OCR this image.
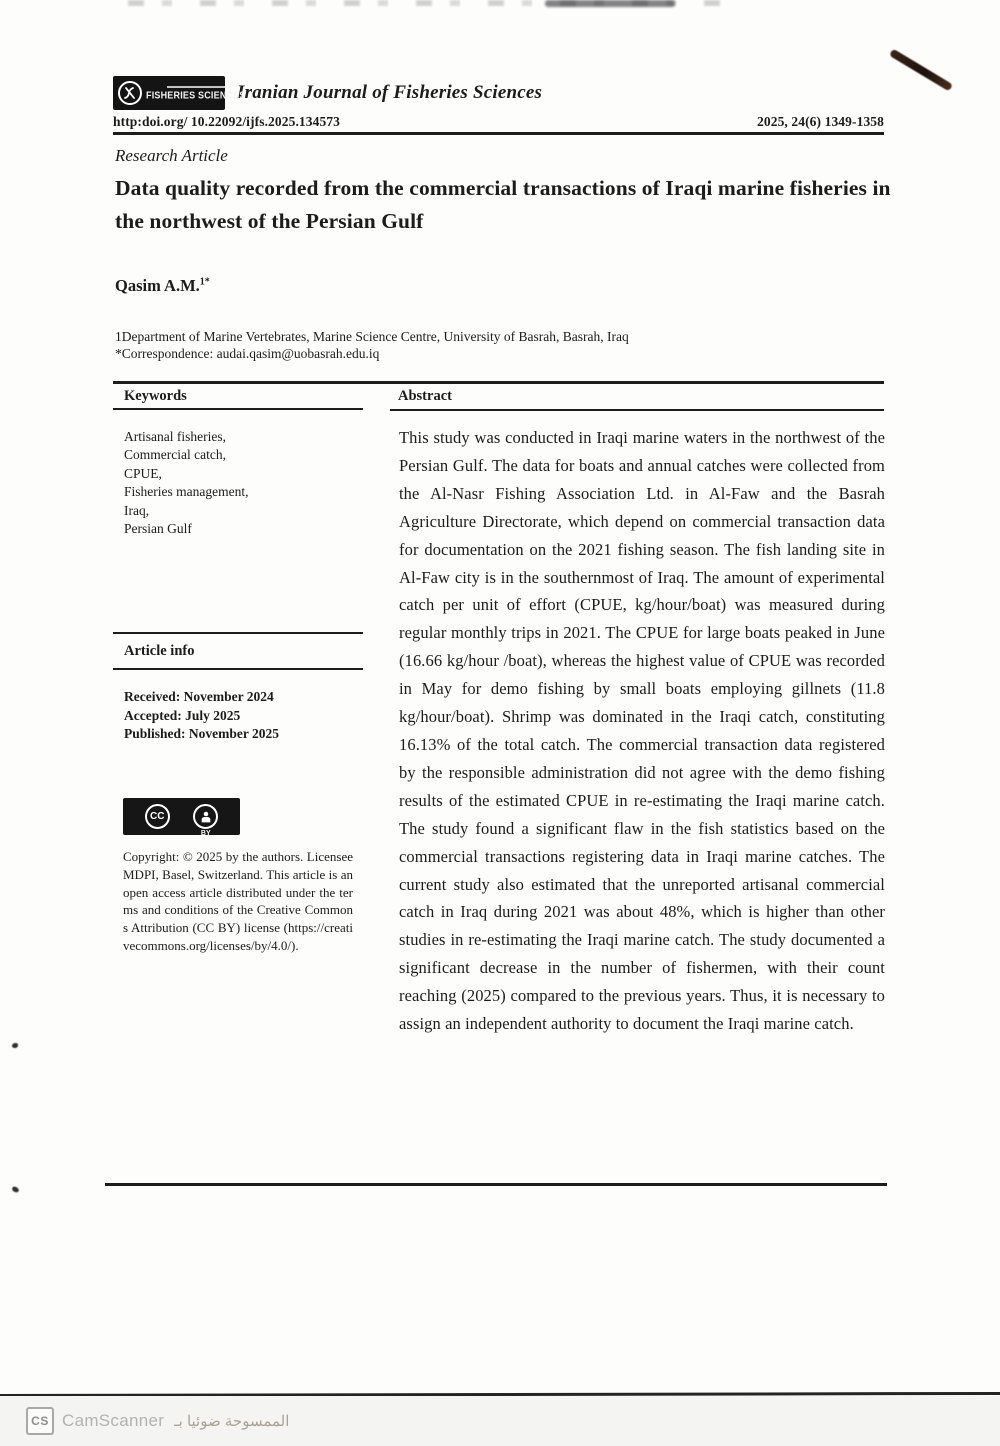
FISHERIES SCIENCES
Iranian Journal of Fisheries Sciences
http:doi.org/ 10.22092/ijfs.2025.134573	2025, 24(6) 1349-1358
Research Article
Data quality recorded from the commercial transactions of Iraqi marine fisheries in the northwest of the Persian Gulf
Qasim A.M.$^{1*}$
1Department of Marine Vertebrates, Marine Science Centre, University of Basrah, Basrah, Iraq
*Correspondence: audai.qasim@uobasrah.edu.iq
Keywords
Artisanal fisheries,
Commercial catch,
CPUE,
Fisheries management,
Iraq,
Persian Gulf
Abstract

This study was conducted in Iraqi marine waters in the northwest of the Persian Gulf. The data for boats and annual catches were collected from the Al-Nasr Fishing Association Ltd. in Al-Faw and the Basrah Agriculture Directorate, which depend on commercial transaction data for documentation on the 2021 fishing season. The fish landing site in Al-Faw city is in the southernmost of Iraq. The amount of experimental catch per unit of effort (CPUE, kg/hour/boat) was measured during regular monthly trips in 2021. The CPUE for large boats peaked in June (16.66 kg/hour /boat), whereas the highest value of CPUE was recorded in May for demo fishing by small boats employing gillnets (11.8 kg/hour/boat). Shrimp was dominated in the Iraqi catch, constituting 16.13% of the total catch. The commercial transaction data registered by the responsible administration did not agree with the demo fishing results of the estimated CPUE in re-estimating the Iraqi marine catch. The study found a significant flaw in the fish statistics based on the commercial transactions registering data in Iraqi marine catches. The current study also estimated that the unreported artisanal commercial catch in Iraq during 2021 was about 48%, which is higher than other studies in re-estimating the Iraqi marine catch. The study documented a significant decrease in the number of fishermen, with their count reaching (2025) compared to the previous years. Thus, it is necessary to assign an independent authority to document the Iraqi marine catch.

Article info
Received: November 2024
Accepted: July 2025
Published: November 2025
CC
BY

Copyright: © 2025 by the authors. Licensee MDPI, Basel, Switzerland. This article is an open access article distributed under the terms and conditions of the Creative Commons Attribution (CC BY) license (https://creativecommons.org/licenses/by/4.0/).

CS CamScanner الممسوحة ضوئيا بـ
